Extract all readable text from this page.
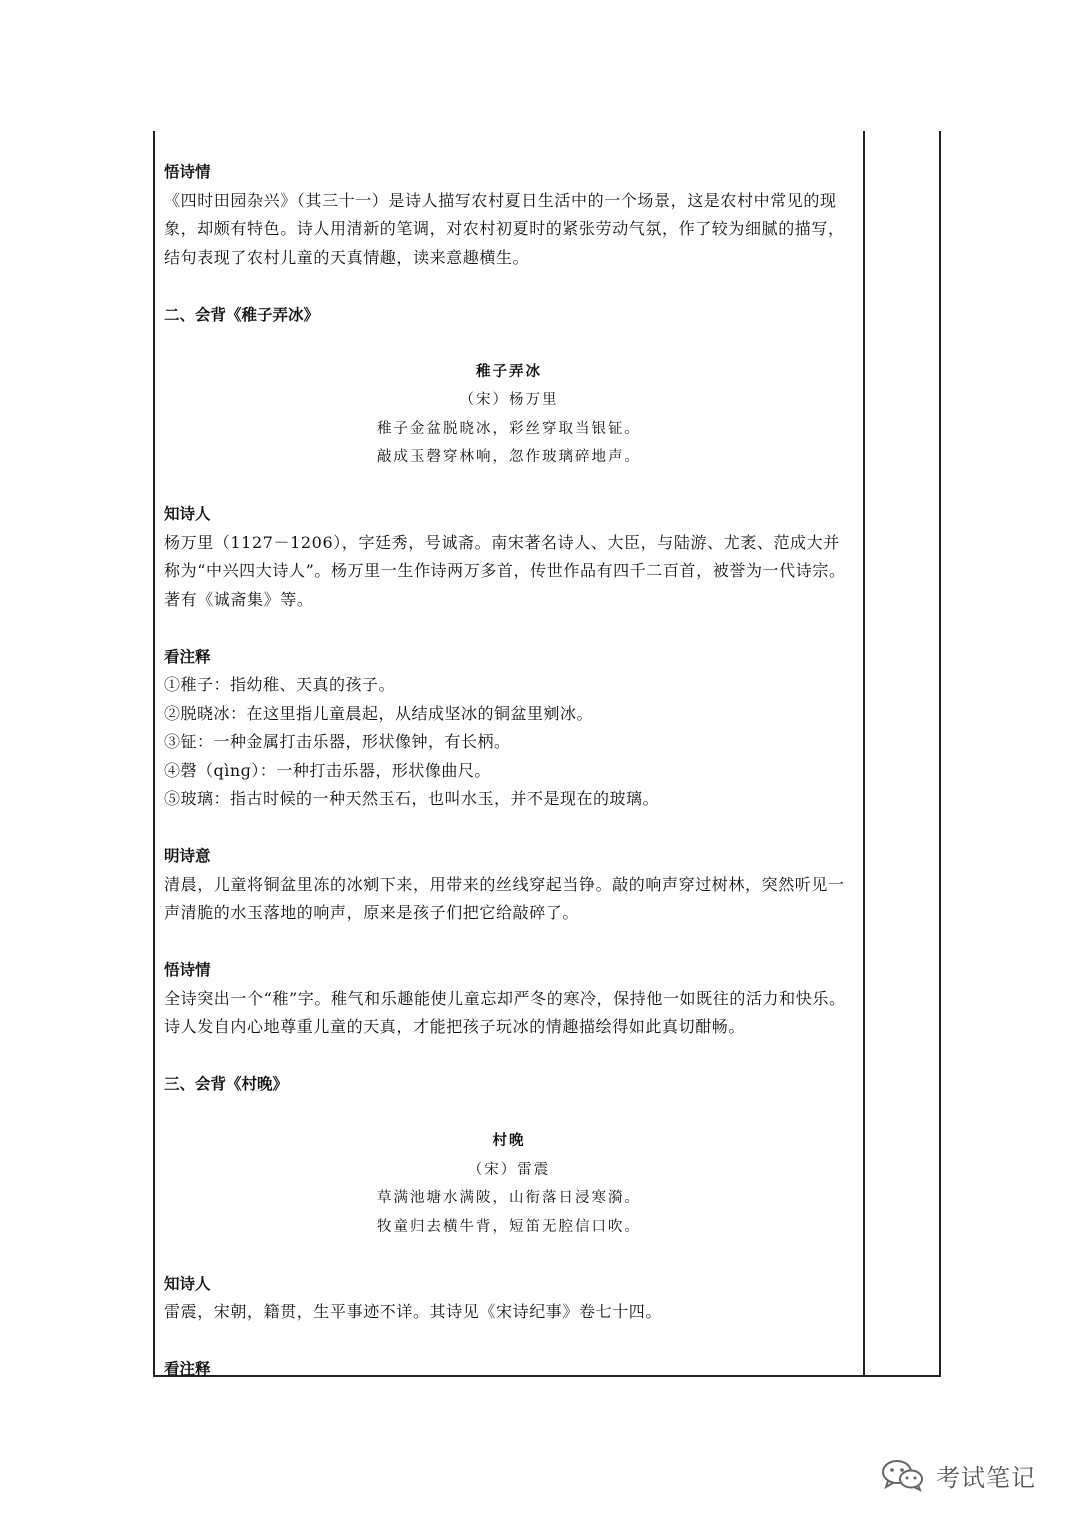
悟诗情

《四时田园杂兴》（其三十一）是诗人描写农村夏日生活中的一个场景，这是农村中常见的现象，却颇有特色。诗人用清新的笔调，对农村初夏时的紧张劳动气氛，作了较为细腻的描写，结句表现了农村儿童的天真情趣，读来意趣横生。

二、会背《稚子弄冰》

稚子弄冰
（宋）杨万里
稚子金盆脱晓冰，彩丝穿取当银钲。
敲成玉磬穿林响，忽作玻璃碎地声。

知诗人

杨万里（1127－1206），字廷秀，号诚斋。南宋著名诗人、大臣，与陆游、尤袤、范成大并称为“中兴四大诗人”。杨万里一生作诗两万多首，传世作品有四千二百首，被誉为一代诗宗。著有《诚斋集》等。

看注释

①稚子：指幼稚、天真的孩子。

②脱晓冰：在这里指儿童晨起，从结成坚冰的铜盆里剜冰。

③钲：一种金属打击乐器，形状像钟，有长柄。

④磬（qìnɡ）：一种打击乐器，形状像曲尺。

⑤玻璃：指古时候的一种天然玉石，也叫水玉，并不是现在的玻璃。

明诗意

清晨，儿童将铜盆里冻的冰剜下来，用带来的丝线穿起当铮。敲的响声穿过树林，突然听见一声清脆的水玉落地的响声，原来是孩子们把它给敲碎了。

悟诗情

全诗突出一个“稚”字。稚气和乐趣能使儿童忘却严冬的寒冷，保持他一如既往的活力和快乐。诗人发自内心地尊重儿童的天真，才能把孩子玩冰的情趣描绘得如此真切酣畅。

三、会背《村晚》

村晚
（宋）雷震
草满池塘水满陂，山衔落日浸寒漪。
牧童归去横牛背，短笛无腔信口吹。

知诗人

雷震，宋朝，籍贯，生平事迹不详。其诗见《宋诗纪事》卷七十四。

看注释

考试笔记
